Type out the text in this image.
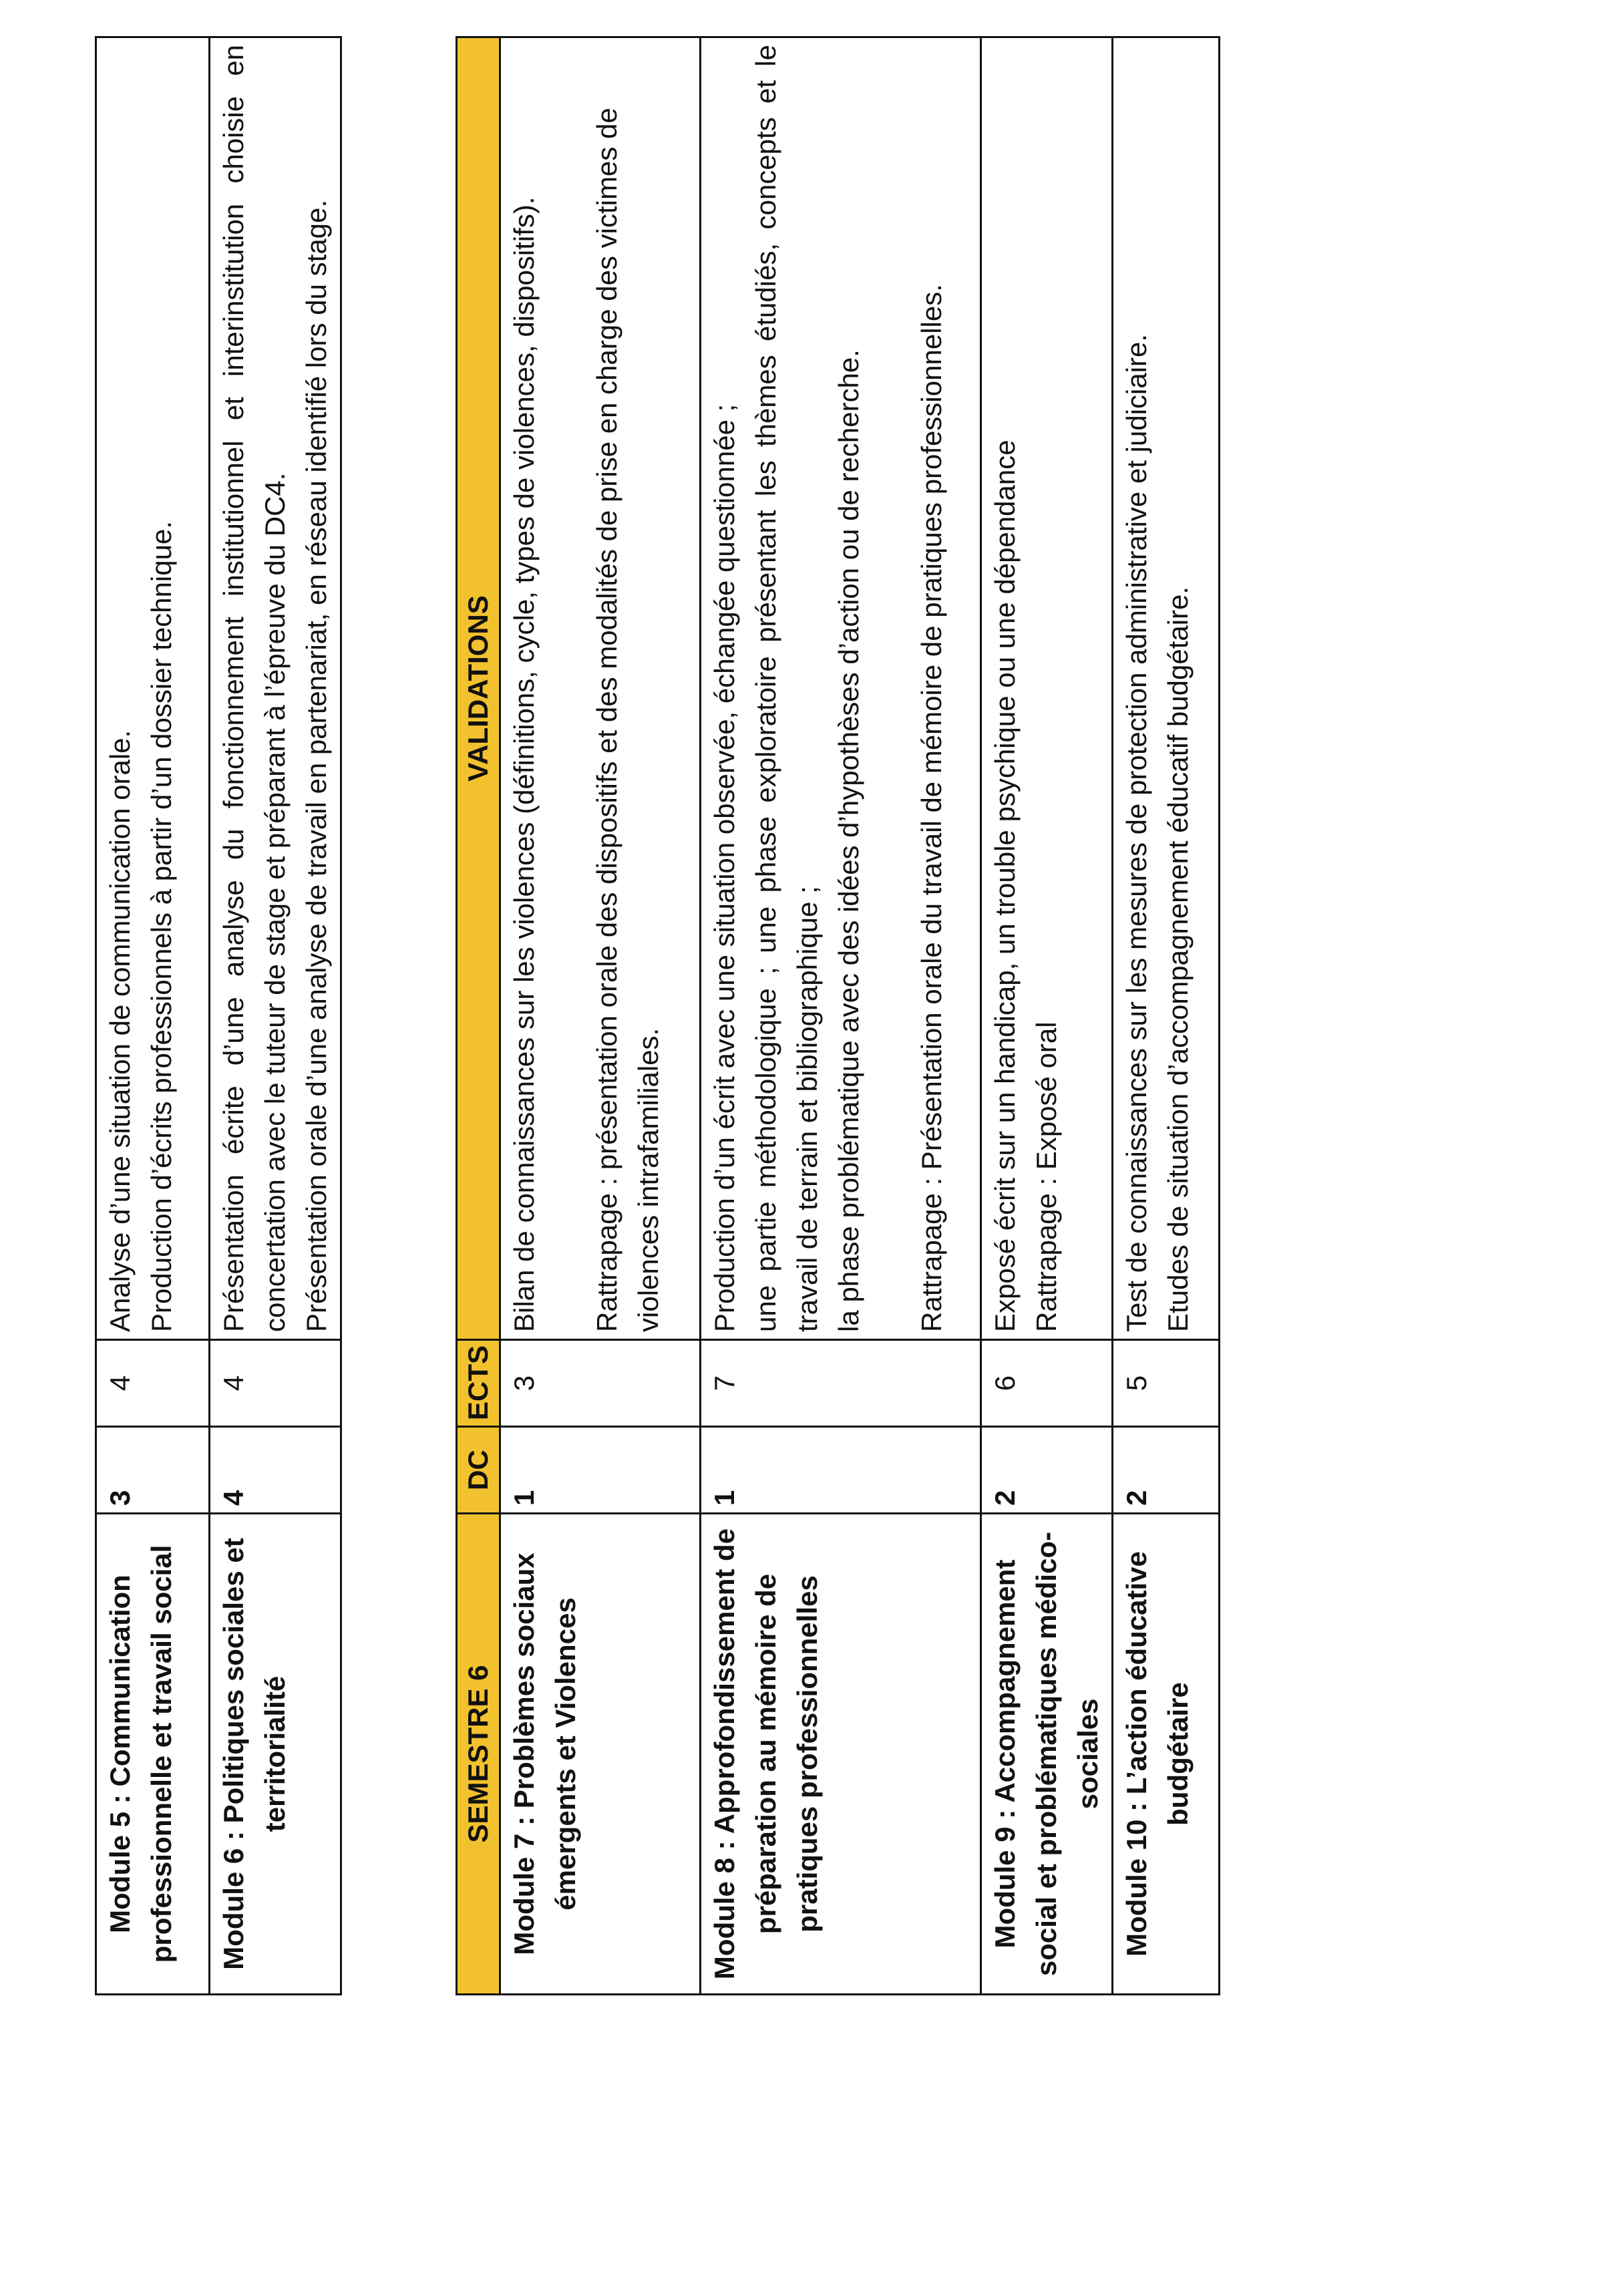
Module 5 : Communication professionnelle et travail social	3	4	Analyse d’une situation de communication orale. Production d’écrits professionnels à partir d’un dossier technique.

Module 6 : Politiques sociales et territorialité	4	4	Présentation écrite d’une analyse du fonctionnement institutionnel et interinstitution choisie en concertation avec le tuteur de stage et préparant à l’épreuve du DC4. Présentation orale d’une analyse de travail en partenariat, en réseau identifié lors du stage.
SEMESTRE 6	DC	ECTS	VALIDATIONS
Module 7 : Problèmes sociaux émergents et Violences	1	3	Bilan de connaissances sur les violences (définitions, cycle, types de violences, dispositifs). Rattrapage : présentation orale des dispositifs et des modalités de prise en charge des victimes de violences intrafamiliales.

Module 8 : Approfondissement de préparation au mémoire de pratiques professionnelles	1	7	Production d’un écrit avec une situation observée, échangée questionnée ; une partie méthodologique ; une phase exploratoire présentant les thèmes étudiés, concepts et le travail de terrain et bibliographique ; la phase problématique avec des idées d’hypothèses d’action ou de recherche. Rattrapage : Présentation orale du travail de mémoire de pratiques professionnelles.

Module 9 : Accompagnement social et problématiques médico-sociales	2	6	Exposé écrit sur un handicap, un trouble psychique ou une dépendance Rattrapage : Exposé oral

Module 10 : L’action éducative budgétaire	2	5	Test de connaissances sur les mesures de protection administrative et judiciaire. Etudes de situation d’accompagnement éducatif budgétaire.
